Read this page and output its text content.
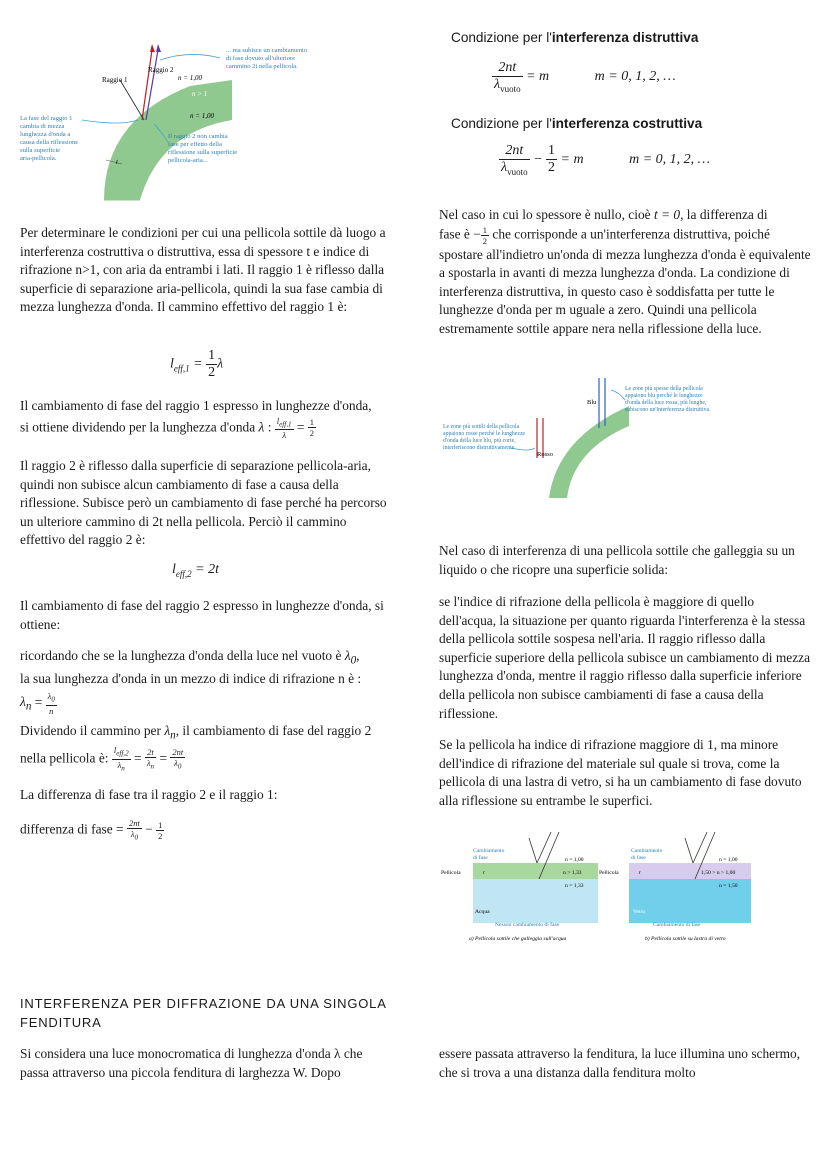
Raggio 1
Raggio 2
n = 1,00
n > 1
n = 1,00
t
... ma subisce un cambiamento
di fase dovuto all'ulteriore
cammino 2t nella pellicola.
La fase del raggio 1
cambia di mezza
lunghezza d'onda a
causa della riflessione
sulla superficie
aria-pellicola.
Il raggio 2 non cambia
fase per effetto della
riflessione sulla superficie
pellicola-aria...

Per determinare le condizioni per cui una pellicola sottile dà luogo a interferenza costruttiva o distruttiva, essa di spessore t e indice di rifrazione n>1, con aria da entrambi i lati. Il raggio 1 è riflesso dalla superficie di separazione aria-pellicola, quindi la sua fase cambia di mezza lunghezza d'onda. Il cammino effettivo del raggio 1 è:

$l_{eff,1} = \frac{1}{2}$ λ

Il cambiamento di fase del raggio 1 espresso in lunghezze d'onda,

si ottiene dividendo per la lunghezza d'onda λ : $\frac{l_{eff,1}}{\lambda} = \frac{1}{2}$

Il raggio 2 è riflesso dalla superficie di separazione pellicola-aria, quindi non subisce alcun cambiamento di fase a causa della riflessione. Subisce però un cambiamento di fase perché ha percorso un ulteriore cammino di 2t nella pellicola. Perciò il cammino effettivo del raggio 2 è:

$l_{eff,2} = 2t$

Il cambiamento di fase del raggio 2 espresso in lunghezze d'onda, si ottiene:

ricordando che se la lunghezza d'onda della luce nel vuoto è $\lambda_0$,

la sua lunghezza d'onda in un mezzo di indice di rifrazione n è :

$\lambda_n = \frac{\lambda_0}{n}$

Dividendo il cammino per $\lambda_n$, il cambiamento di fase del raggio 2

nella pellicola è: $\frac{l_{eff,2}}{\lambda_n} = \frac{2t}{\lambda_n} = \frac{2nt}{\lambda_0}$

La differenza di fase tra il raggio 2 e il raggio 1:

differenza di fase = $\frac{2nt}{\lambda_0} - \frac{1}{2}$

Condizione per l'interferenza distruttiva
$\frac{2nt}{\lambda_{vuoto}} = m$	m = 0, 1, 2, …
Condizione per l'interferenza costruttiva
$\frac{2nt}{\lambda_{vuoto}} - \frac{1}{2} = m$	m = 0, 1, 2, …

Nel caso in cui lo spessore è nullo, cioè t = 0, la differenza di

fase è − $\frac{1}{2}$ che corrisponde a un'interferenza distruttiva, poiché spostare all'indietro un'onda di mezza lunghezza d'onda è equivalente a spostarla in avanti di mezza lunghezza d'onda. La condizione di interferenza distruttiva, in questo caso è soddisfatta per tutte le lunghezze d'onda per m uguale a zero. Quindi una pellicola estremamente sottile appare nera nella riflessione della luce.

Blu
Rosso
Le zone più spesse della pellicola
appaiono blu perché le lunghezze
d'onda della luce rossa, più lunghe,
subiscono un'interferenza distruttiva.
Le zone più sottili della pellicola
appaiono rosse perché le lunghezze
d'onda della luce blu, più corte,
interferiscono distruttivamente.

Nel caso di interferenza di una pellicola sottile che galleggia su un liquido o che ricopre una superficie solida:

se l'indice di rifrazione della pellicola è maggiore di quello dell'acqua, la situazione per quanto riguarda l'interferenza è la stessa della pellicola sottile sospesa nell'aria. Il raggio riflesso dalla superficie superiore della pellicola subisce un cambiamento di mezza lunghezza d'onda, mentre il raggio riflesso dalla superficie inferiore della pellicola non subisce cambiamenti di fase a causa della riflessione.

Se la pellicola ha indice di rifrazione maggiore di 1, ma minore dell'indice di rifrazione del materiale sul quale si trova, come la pellicola di una lastra di vetro, si ha un cambiamento di fase dovuto alla riflessione su entrambe le superfici.

Cambiamento
di fase
Nessun cambiamento di fase
n = 1,00
n > 1,33
n = 1,33
Pellicola
Acqua
t
a) Pellicola sottile che galleggia sull'acqua
Cambiamento
di fase
Cambiamento di fase
n = 1,00
1,50 > n > 1,00
n = 1,50
Pellicola
Vetro
t
b) Pellicola sottile su lastra di vetro
INTERFERENZA PER DIFFRAZIONE DA UNA SINGOLA FENDITURA

Si considera una luce monocromatica di lunghezza d'onda λ che passa attraverso una piccola fenditura di larghezza W. Dopo

essere passata attraverso la fenditura, la luce illumina uno schermo, che si trova a una distanza dalla fenditura molto
